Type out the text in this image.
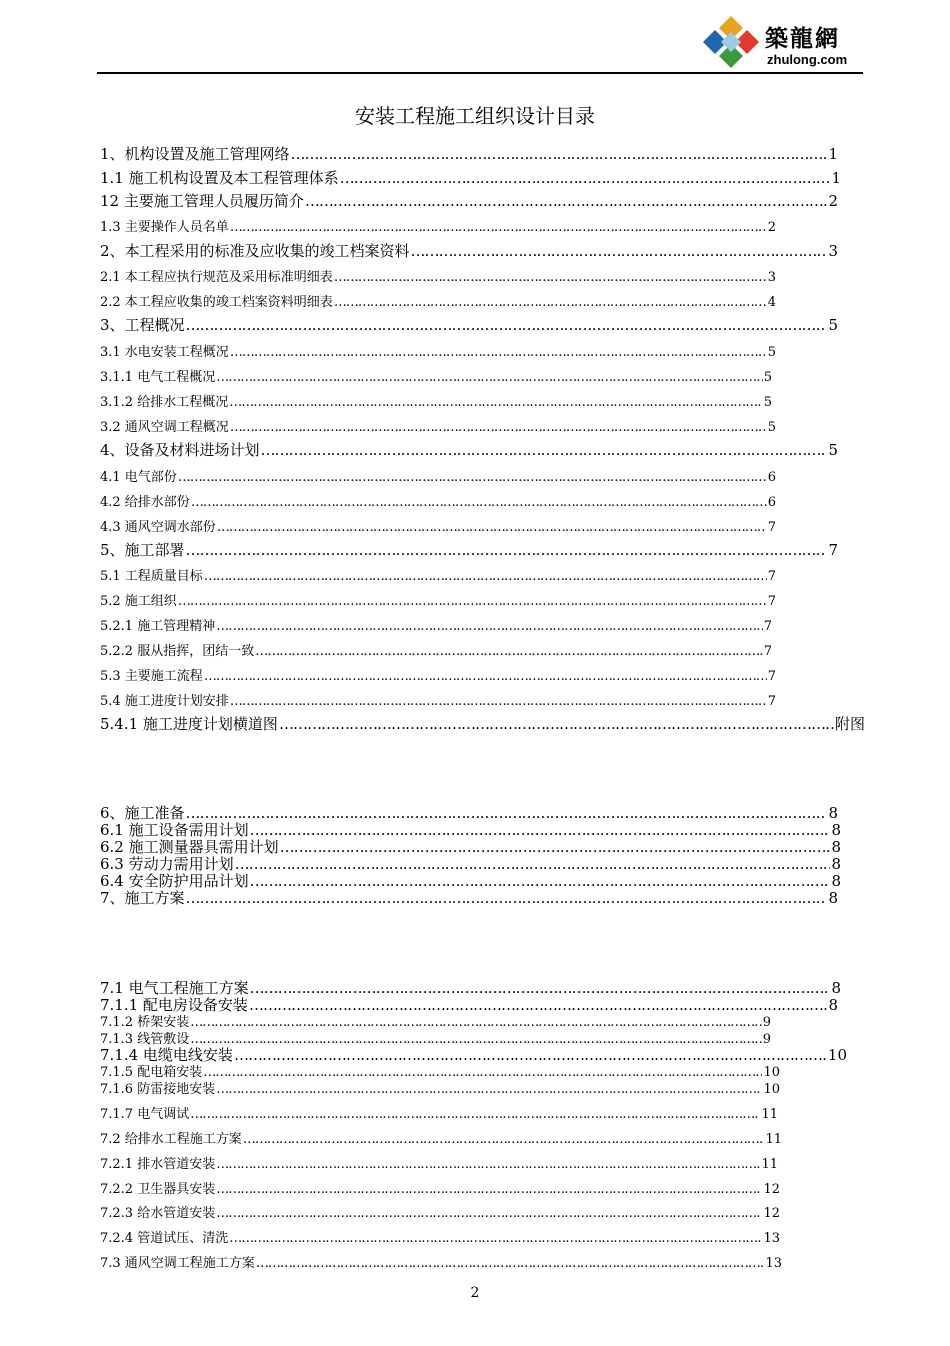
築龍網
zhulong.com
安装工程施工组织设计目录
1、机构设置及施工管理网络 ……………………………………………………………………………………………………………………………………………………………………………………………………………………………	1
1.1 施工机构设置及本工程管理体系 ……………………………………………………………………………………………………………………………………………………………………………………………………………………………	1
12 主要施工管理人员履历简介 ……………………………………………………………………………………………………………………………………………………………………………………………………………………………	2
1.3 主要操作人员名单 ……………………………………………………………………………………………………………………………………………………………………………………………………………………………	2
2、本工程采用的标准及应收集的竣工档案资料 ……………………………………………………………………………………………………………………………………………………………………………………………………………………………	3
2.1 本工程应执行规范及采用标准明细表 ……………………………………………………………………………………………………………………………………………………………………………………………………………………………	3
2.2 本工程应收集的竣工档案资料明细表 ……………………………………………………………………………………………………………………………………………………………………………………………………………………………	4
3、工程概况 ……………………………………………………………………………………………………………………………………………………………………………………………………………………………	5
3.1 水电安装工程概况 ……………………………………………………………………………………………………………………………………………………………………………………………………………………………	5
3.1.1 电气工程概况 ……………………………………………………………………………………………………………………………………………………………………………………………………………………………	5
3.1.2 给排水工程概况 ……………………………………………………………………………………………………………………………………………………………………………………………………………………………	5
3.2 通风空调工程概况 ……………………………………………………………………………………………………………………………………………………………………………………………………………………………	5
4、设备及材料进场计划 ……………………………………………………………………………………………………………………………………………………………………………………………………………………………	5
4.1 电气部份 ……………………………………………………………………………………………………………………………………………………………………………………………………………………………	6
4.2 给排水部份 ……………………………………………………………………………………………………………………………………………………………………………………………………………………………	6
4.3 通风空调水部份 ……………………………………………………………………………………………………………………………………………………………………………………………………………………………	7
5、施工部署 ……………………………………………………………………………………………………………………………………………………………………………………………………………………………	7
5.1 工程质量目标 ……………………………………………………………………………………………………………………………………………………………………………………………………………………………	7
5.2 施工组织 ……………………………………………………………………………………………………………………………………………………………………………………………………………………………	7
5.2.1 施工管理精神 ……………………………………………………………………………………………………………………………………………………………………………………………………………………………	7
5.2.2 服从指挥，团结一致 ……………………………………………………………………………………………………………………………………………………………………………………………………………………………	7
5.3 主要施工流程 ……………………………………………………………………………………………………………………………………………………………………………………………………………………………	7
5.4 施工进度计划安排 ……………………………………………………………………………………………………………………………………………………………………………………………………………………………	7
5.4.1 施工进度计划横道图 ……………………………………………………………………………………………………………………………………………………………………………………………………………………………	附图
6、施工准备 ……………………………………………………………………………………………………………………………………………………………………………………………………………………………	8
6.1 施工设备需用计划 ……………………………………………………………………………………………………………………………………………………………………………………………………………………………	8
6.2 施工测量器具需用计划 ……………………………………………………………………………………………………………………………………………………………………………………………………………………………	8
6.3 劳动力需用计划 ……………………………………………………………………………………………………………………………………………………………………………………………………………………………	8
6.4 安全防护用品计划 ……………………………………………………………………………………………………………………………………………………………………………………………………………………………	8
7、施工方案 ……………………………………………………………………………………………………………………………………………………………………………………………………………………………	8
7.1 电气工程施工方案 ……………………………………………………………………………………………………………………………………………………………………………………………………………………………	8
7.1.1 配电房设备安装 ……………………………………………………………………………………………………………………………………………………………………………………………………………………………	8
7.1.2 桥架安装 ……………………………………………………………………………………………………………………………………………………………………………………………………………………………	9
7.1.3 线管敷设 ……………………………………………………………………………………………………………………………………………………………………………………………………………………………	9
7.1.4 电缆电线安装 ……………………………………………………………………………………………………………………………………………………………………………………………………………………………	10
7.1.5 配电箱安装 ……………………………………………………………………………………………………………………………………………………………………………………………………………………………	10
7.1.6 防雷接地安装 ……………………………………………………………………………………………………………………………………………………………………………………………………………………………	10
7.1.7 电气调试 ……………………………………………………………………………………………………………………………………………………………………………………………………………………………	11
7.2 给排水工程施工方案 ……………………………………………………………………………………………………………………………………………………………………………………………………………………………	11
7.2.1 排水管道安装 ……………………………………………………………………………………………………………………………………………………………………………………………………………………………	11
7.2.2 卫生器具安装 ……………………………………………………………………………………………………………………………………………………………………………………………………………………………	12
7.2.3 给水管道安装 ……………………………………………………………………………………………………………………………………………………………………………………………………………………………	12
7.2.4 管道试压、清洗 ……………………………………………………………………………………………………………………………………………………………………………………………………………………………	13
7.3 通风空调工程施工方案 ……………………………………………………………………………………………………………………………………………………………………………………………………………………………	13
2
